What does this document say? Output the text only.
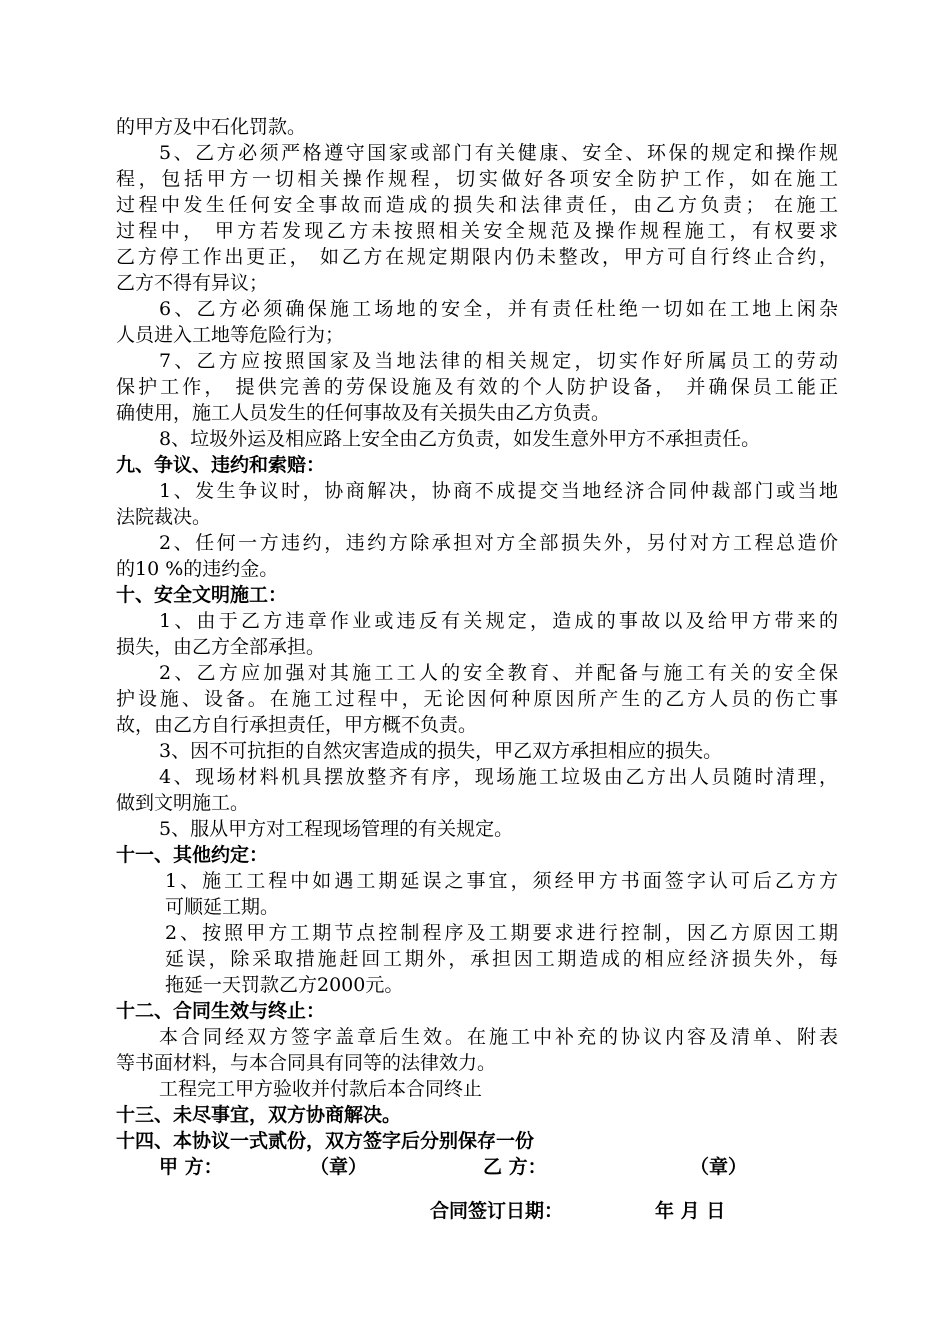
的甲方及中石化罚款。
5、乙方必须严格遵守国家或部门有关健康、安全、环保的规定和操作规
程，包括甲方一切相关操作规程，切实做好各项安全防护工作，如在施工
过程中发生任何安全事故而造成的损失和法律责任，由乙方负责； 在施工
过程中， 甲方若发现乙方未按照相关安全规范及操作规程施工，有权要求
乙方停工作出更正， 如乙方在规定期限内仍未整改，甲方可自行终止合约，
乙方不得有异议；
6、乙方必须确保施工场地的安全，并有责任杜绝一切如在工地上闲杂
人员进入工地等危险行为；
7、乙方应按照国家及当地法律的相关规定，切实作好所属员工的劳动
保护工作， 提供完善的劳保设施及有效的个人防护设备， 并确保员工能正
确使用，施工人员发生的任何事故及有关损失由乙方负责。
8、垃圾外运及相应路上安全由乙方负责，如发生意外甲方不承担责任。
九、争议、违约和索赔：
1、发生争议时，协商解决，协商不成提交当地经济合同仲裁部门或当地
法院裁决。
2、任何一方违约，违约方除承担对方全部损失外，另付对方工程总造价
的10 %的违约金。
十、安全文明施工：
1、由于乙方违章作业或违反有关规定，造成的事故以及给甲方带来的
损失，由乙方全部承担。
2、乙方应加强对其施工工人的安全教育、并配备与施工有关的安全保
护设施、设备。在施工过程中，无论因何种原因所产生的乙方人员的伤亡事
故，由乙方自行承担责任，甲方概不负责。
3、因不可抗拒的自然灾害造成的损失，甲乙双方承担相应的损失。
4、现场材料机具摆放整齐有序，现场施工垃圾由乙方出人员随时清理，
做到文明施工。
5、服从甲方对工程现场管理的有关规定。
十一、其他约定：
1、施工工程中如遇工期延误之事宜，须经甲方书面签字认可后乙方方
可顺延工期。
2、按照甲方工期节点控制程序及工期要求进行控制，因乙方原因工期
延误，除采取措施赶回工期外，承担因工期造成的相应经济损失外，每
拖延一天罚款乙方2000元。
十二、合同生效与终止：
本合同经双方签字盖章后生效。在施工中补充的协议内容及清单、附表
等书面材料，与本合同具有同等的法律效力。
工程完工甲方验收并付款后本合同终止
十三、未尽事宜，双方协商解决。
十四、本协议一式贰份，双方签字后分别保存一份
甲 方：	（章）	乙 方：	（章）
合同签订日期：	年 月 日
